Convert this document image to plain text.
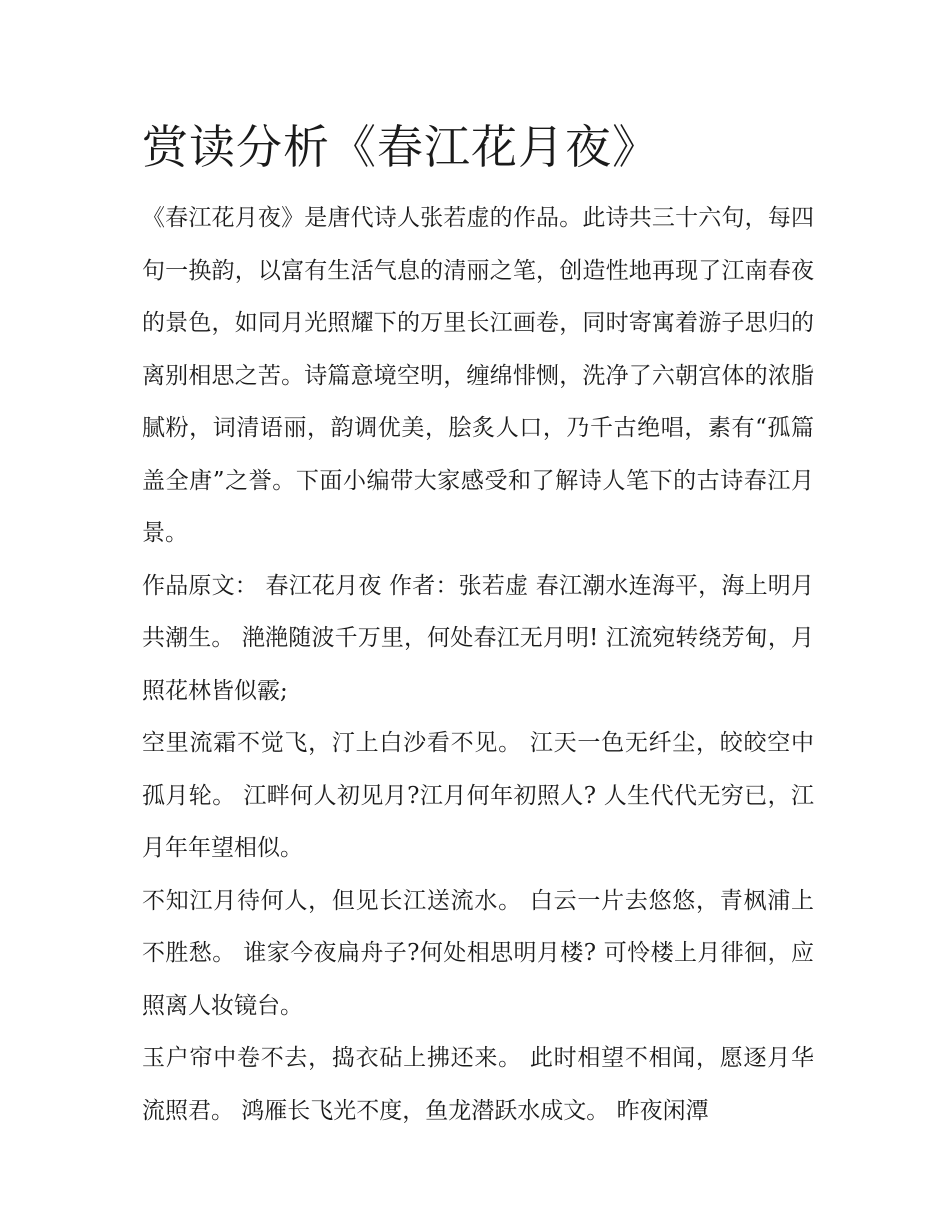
赏读分析《春江花月夜》

《春江花月夜》是唐代诗人张若虚的作品。此诗共三十六句，每四句一换韵，以富有生活气息的清丽之笔，创造性地再现了江南春夜的景色，如同月光照耀下的万里长江画卷，同时寄寓着游子思归的离别相思之苦。诗篇意境空明，缠绵悱恻，洗净了六朝宫体的浓脂腻粉，词清语丽，韵调优美，脍炙人口，乃千古绝唱，素有“孤篇盖全唐”之誉。下面小编带大家感受和了解诗人笔下的古诗春江月景。

作品原文： 春江花月夜 作者：张若虚 春江潮水连海平，海上明月共潮生。 滟滟随波千万里，何处春江无月明! 江流宛转绕芳甸，月照花林皆似霰;

空里流霜不觉飞，汀上白沙看不见。 江天一色无纤尘，皎皎空中孤月轮。 江畔何人初见月?江月何年初照人? 人生代代无穷已，江月年年望相似。

不知江月待何人，但见长江送流水。 白云一片去悠悠，青枫浦上不胜愁。 谁家今夜扁舟子?何处相思明月楼? 可怜楼上月徘徊，应照离人妆镜台。

玉户帘中卷不去，捣衣砧上拂还来。 此时相望不相闻，愿逐月华流照君。 鸿雁长飞光不度，鱼龙潜跃水成文。 昨夜闲潭
